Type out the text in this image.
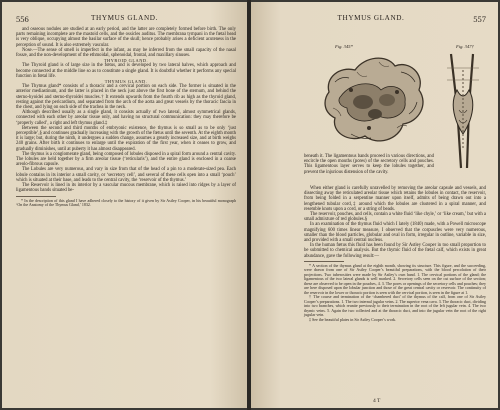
556	THYMUS GLAND.

and osseous nodules are studied at an early period, and the latter are completely formed before birth. The only parts remaining incomplete are the mastoid cells, and the ossicles auditus. The membrana tympani in the fœtal head is very oblique, occupying almost the basilar surface of the skull; hence probably arises a deficient acuteness in the perception of sound. It is also extremely vascular.

Nose.—The sense of smell is imperfect in the infant, as may be inferred from the small capacity of the nasal fossæ, and the non-development of the ethmoidal, sphenoidal, frontal, and maxillary sinuses.

THYROID GLAND.

The Thyroid gland is of large size in the fœtus, and is developed by two lateral halves, which approach and become connected at the middle line so as to constitute a single gland. It is doubtful whether it performs any special function in fœtal life.

THYMUS GLAND.

The Thymus gland* consists of a thoracic and a cervical portion on each side. The former is situated in the anterior mediastinum, and the latter is placed in the neck just above the first bone of the sternum, and behind the sterno-hyoidei and sterno-thyroidei muscles.† It extends upwards from the fourth rib as high as the thyroid gland, resting against the pericardium, and separated from the arch of the aorta and great vessels by the thoracic fascia in the chest, and lying on each side of the trachea in the neck.

Although described usually as a single gland, it consists actually of two lateral, almost symmetrical glands, connected with each other by areolar tissue only, and having no structural communication: they may therefore be ‘properly called’, a right and left thymus gland.‡

Between the second and third months of embryonic existence, the thymus is so small as to be only ‘just perceptible’,§ and continues gradually increasing with the growth of the fœtus until the seventh. At the eighth month it is large; but, during the ninth, it undergoes a sudden change, assumes a greatly increased size, and at birth weighs 240 grains. After birth it continues to enlarge until the expiration of the first year, when it ceases to grow, and gradually diminishes, until at puberty it has almost disappeared.

The thymus is a conglomerate gland, being composed of lobules disposed in a spiral form around a central cavity. The lobules are held together by a firm areolar tissue (‘reticularis’), and the entire gland is enclosed in a coarse areolo-fibrous capsule.

The Lobules are very numerous, and vary in size from that of the head of a pin to a moderate-sized pea. Each lobule contains in its interior a small cavity, or ‘secretory cell’, and several of these cells open into a small ‘pouch’ which is situated at their base, and leads to the central cavity, the ‘reservoir of the thymus.’

The Reservoir is lined in its interior by a vascular mucous membrane, which is raised into ridges by a layer of ligamentous bands situated be-

* In the description of this gland I have adhered closely to the history of it given by Sir Astley Cooper, in his beautiful monograph ‘On the Anatomy of the Thymus Gland,’ 1832.

THYMUS GLAND.	557
Fig. 345*	Fig. 347†

beneath it. The ligamentous bands proceed in various directions, and encircle the open mouths (pores) of the secretory cells and pouches. This ligamentous layer serves to keep the lobules together, and prevent the injurious distension of the cavity.

When either gland is carefully unravelled by removing the areolar capsule and vessels, and dissecting away the reticulated areolar tissue which retains the lobules in contact, the reservoir, from being folded in a serpentine manner upon itself, admits of being drawn out into a lengthened tubular cord,‡ around which the lobules are clustered in a spiral manner, and resemble knots upon a cord, or a string of beads.

The reservoir, pouches, and cells, contain a white fluid ‘like chyle,’ or ‘like cream,’ but with a small admixture of red globules.§

In an examination of the thymus fluid which I lately (1840) made, with a Powell microscope magnifying 600 times linear measure, I observed that the corpuscles were very numerous, smaller than the blood particles, globular and oval in form, irregular in outline, variable in size, and provided with a small central nucleus.

In the human fœtus this fluid has been found by Sir Astley Cooper in too small proportion to be submitted to chemical analysis. But the thymic fluid of the fœtal calf, which exists in great abundance, gave the following result:—

* A section of the thymus gland at the eighth month, showing its structure. This figure, and the succeeding, were drawn from one of Sir Astley Cooper’s beautiful preparations, with the blood percolation of their projections. Two tuberosities were made by Sir Astley’s own hand. 1. The cervical portions of the gland; the ligamentous of the two lateral glands is well marked. 2. Secretory cells seen on the cut surface of the section; these are observed to be open in the pouches, 4. 3. The pores or openings of the secretory cells and pouches; they are here disposed upon the lobular junction and those of the great central cavity or reservoir. The continuity of the reservoir in the lower or thoracic portion is seen with the cervical portion, is seen in the figure at 1.

† The course and termination of the ‘chambered duct’ of the thymus of the calf, from one of Sir Astley Cooper’s preparations. 1. The two internal jugular veins. 2. The superior vena cava. 3. The thoracic duct, dividing into two branches, which reunite previously to their termination in the root of the left jugular vein. 4. The two thymic veins. 5. Again the two collected and at the thoracic duct, and into the jugular vein the root of the right jugular vein.

‡ See the beautiful plates in Sir Astley Cooper’s work.

4 T
